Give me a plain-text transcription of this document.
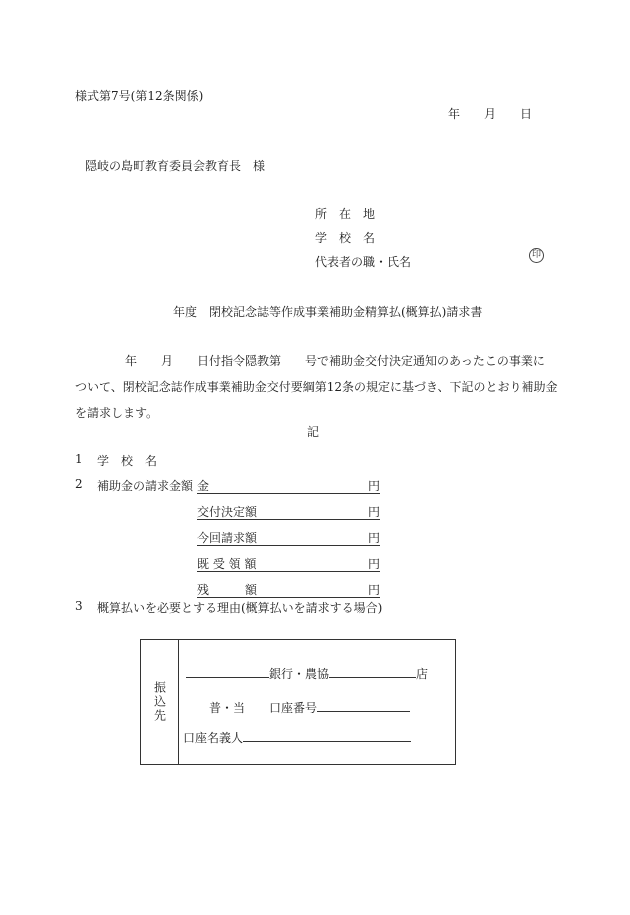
様式第7号(第12条関係)
年　　月　　日
隠岐の島町教育委員会教育長　様
所　在　地
学　校　名
代表者の職・氏名	印
年度　閉校記念誌等作成事業補助金精算払(概算払)請求書
年　　月　　日付指令隠教第　　号で補助金交付決定通知のあったこの事業に
ついて、閉校記念誌作成事業補助金交付要綱第12条の規定に基づき、下記のとおり補助金
を請求します。
記
1 学　校　名
2 補助金の請求金額 金	円
交付決定額	円
今回請求額	円
既 受 領 額	円
残　　　額	円
3 概算払いを必要とする理由(概算払いを請求する場合)
振込先
銀行・農協	店
普・当 口座番号
口座名義人
